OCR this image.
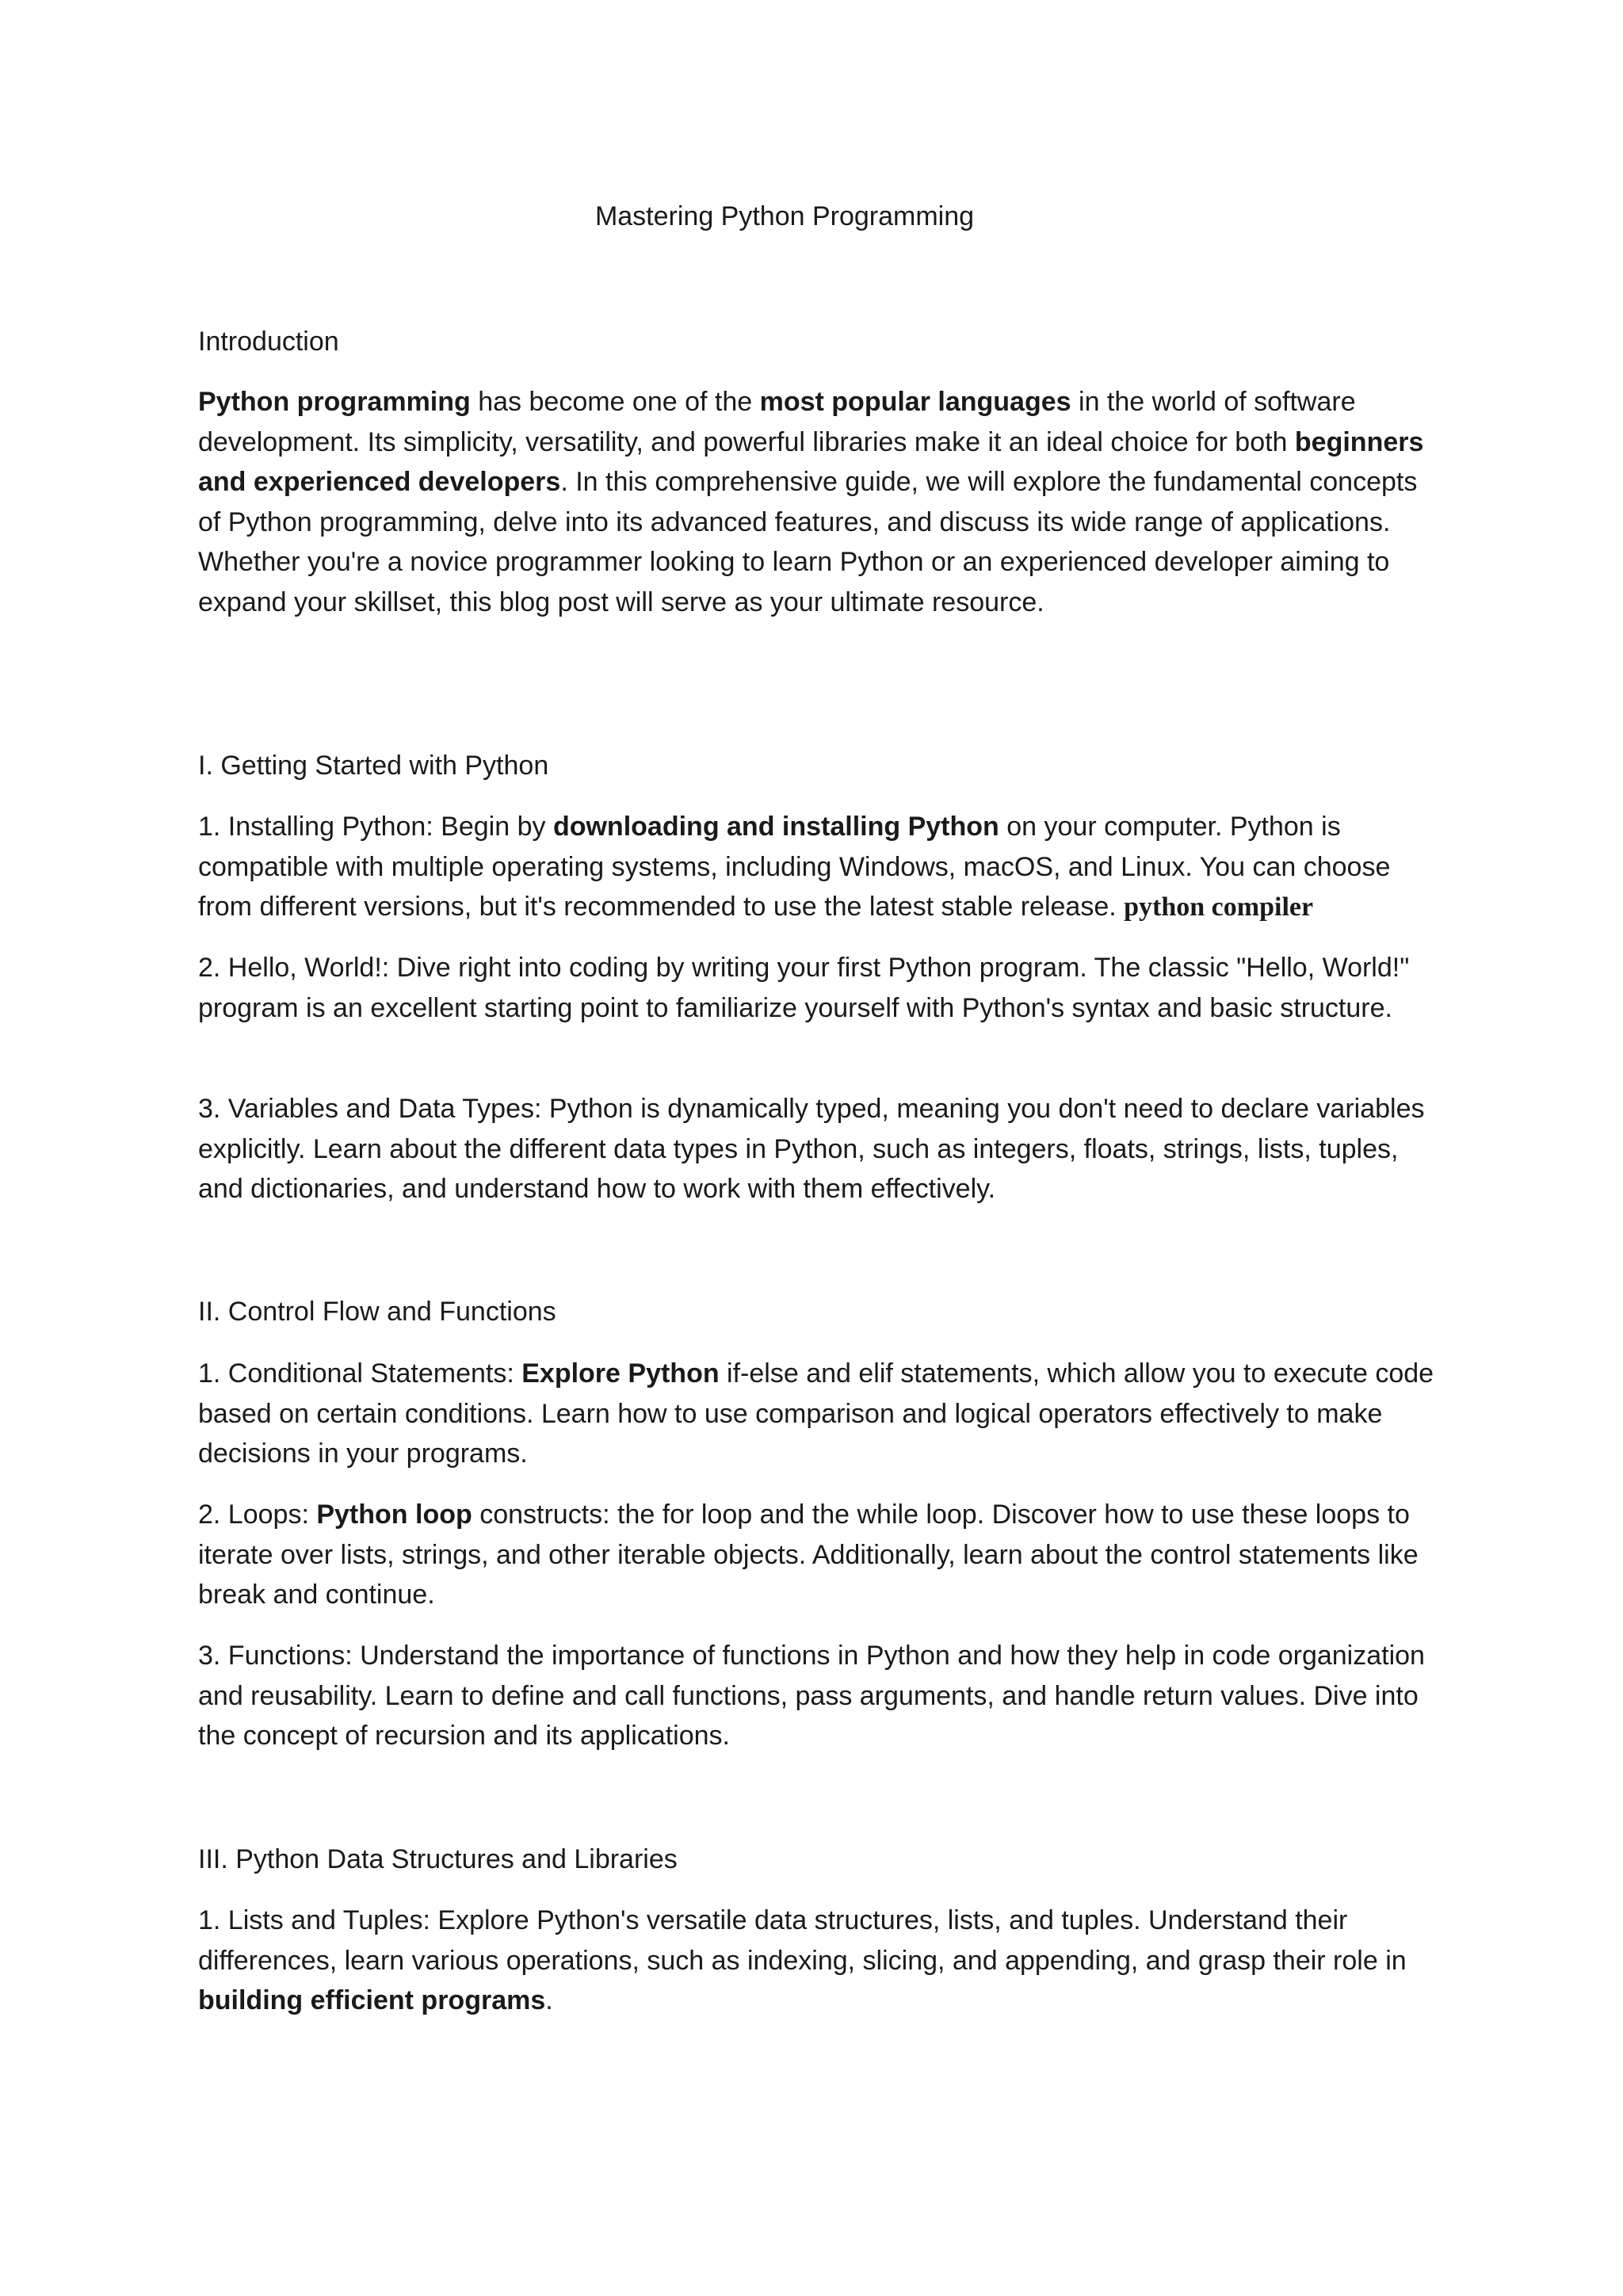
Mastering Python Programming
Introduction

Python programming has become one of the most popular languages in the world of software development. Its simplicity, versatility, and powerful libraries make it an ideal choice for both beginners and experienced developers. In this comprehensive guide, we will explore the fundamental concepts of Python programming, delve into its advanced features, and discuss its wide range of applications. Whether you're a novice programmer looking to learn Python or an experienced developer aiming to expand your skillset, this blog post will serve as your ultimate resource.

I. Getting Started with Python

1. Installing Python: Begin by downloading and installing Python on your computer. Python is compatible with multiple operating systems, including Windows, macOS, and Linux. You can choose from different versions, but it's recommended to use the latest stable release. python compiler

2. Hello, World!: Dive right into coding by writing your first Python program. The classic "Hello, World!" program is an excellent starting point to familiarize yourself with Python's syntax and basic structure.

3. Variables and Data Types: Python is dynamically typed, meaning you don't need to declare variables explicitly. Learn about the different data types in Python, such as integers, floats, strings, lists, tuples, and dictionaries, and understand how to work with them effectively.

II. Control Flow and Functions

1. Conditional Statements: Explore Python if-else and elif statements, which allow you to execute code based on certain conditions. Learn how to use comparison and logical operators effectively to make decisions in your programs.

2. Loops: Python loop constructs: the for loop and the while loop. Discover how to use these loops to iterate over lists, strings, and other iterable objects. Additionally, learn about the control statements like break and continue.

3. Functions: Understand the importance of functions in Python and how they help in code organization and reusability. Learn to define and call functions, pass arguments, and handle return values. Dive into the concept of recursion and its applications.

III. Python Data Structures and Libraries

1. Lists and Tuples: Explore Python's versatile data structures, lists, and tuples. Understand their differences, learn various operations, such as indexing, slicing, and appending, and grasp their role in building efficient programs.
